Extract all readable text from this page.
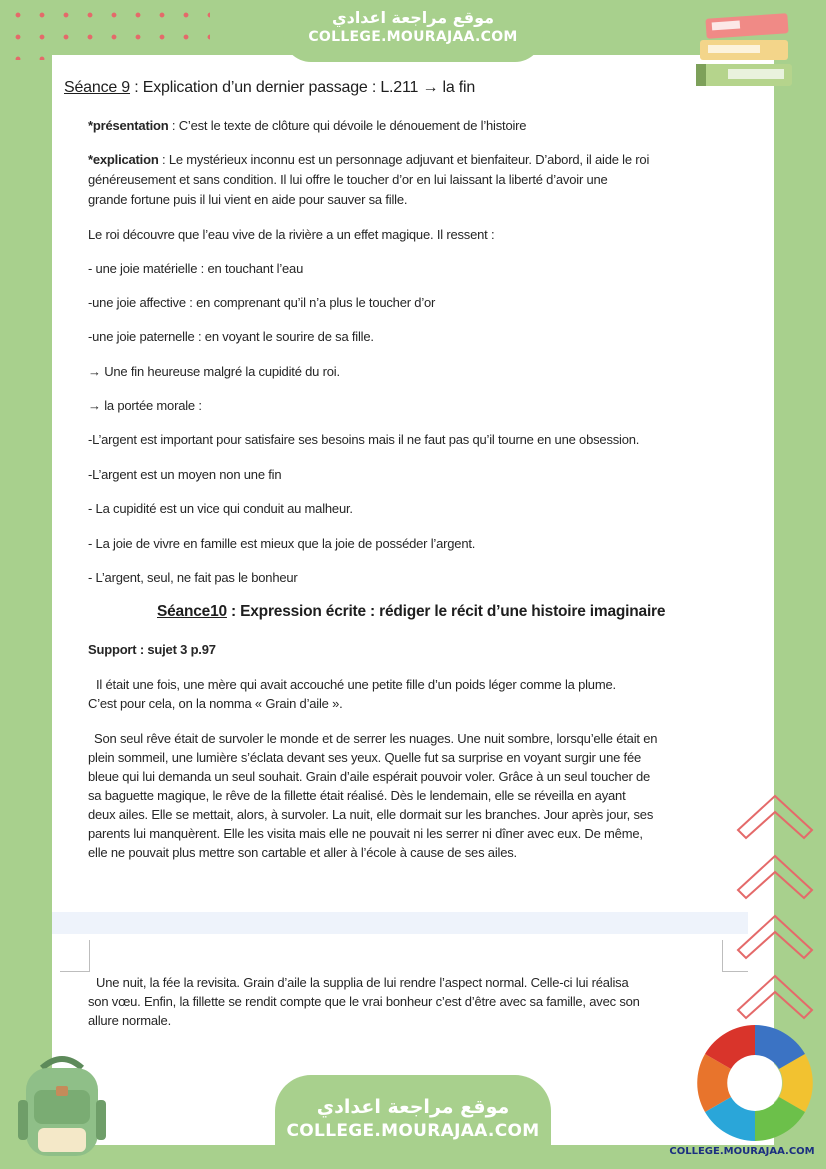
موقع مراجعة اعدادي
COLLEGE.MOURAJAA.COM
Séance 9 : Explication d’un dernier passage : L.211 → la fin

*présentation : C’est le texte de clôture qui dévoile le dénouement de l’histoire

*explication : Le mystérieux inconnu est un personnage adjuvant et bienfaiteur. D’abord, il aide le roi

généreusement et sans condition. Il lui offre le toucher d’or en lui laissant la liberté d’avoir une

grande fortune puis il lui vient en aide pour sauver sa fille.

Le roi découvre que l’eau vive de la rivière a un effet magique. Il ressent :

- une joie matérielle : en touchant l’eau

-une joie affective : en comprenant qu’il n’a plus le toucher d’or

-une joie paternelle : en voyant le sourire de sa fille.

→ Une fin heureuse malgré la cupidité du roi.

→ la portée morale :

-L’argent est important pour satisfaire ses besoins mais il ne faut pas qu’il tourne en une obsession.

-L’argent est un moyen non une fin

- La cupidité est un vice qui conduit au malheur.

- La joie de vivre en famille est mieux que la joie de posséder l’argent.

- L’argent, seul, ne fait pas le bonheur

Séance10 : Expression écrite : rédiger le récit d’une histoire imaginaire

Support : sujet 3 p.97

Il était une fois, une mère qui avait accouché une petite fille d’un poids léger comme la plume.

C’est pour cela, on la nomma « Grain d’aile ».

Son seul rêve était de survoler le monde et de serrer les nuages. Une nuit sombre, lorsqu’elle était en

plein sommeil, une lumière s’éclata devant ses yeux. Quelle fut sa surprise en voyant surgir une fée

bleue qui lui demanda un seul souhait. Grain d’aile espérait pouvoir voler. Grâce à un seul toucher de

sa baguette magique, le rêve de la fillette était réalisé. Dès le lendemain, elle se réveilla en ayant

deux ailes. Elle se mettait, alors, à survoler. La nuit, elle dormait sur les branches. Jour après jour, ses

parents lui manquèrent. Elle les visita mais elle ne pouvait ni les serrer ni dîner avec eux. De même,

elle ne pouvait plus mettre son cartable et aller à l’école à cause de ses ailes.

Une nuit, la fée la revisita. Grain d’aile la supplia de lui rendre l’aspect normal. Celle-ci lui réalisa

son vœu. Enfin, la fillette se rendit compte que le vrai bonheur c’est d’être avec sa famille, avec son

allure normale.

موقع مراجعة اعدادي
COLLEGE.MOURAJAA.COM
COLLEGE.MOURAJAA.COM
